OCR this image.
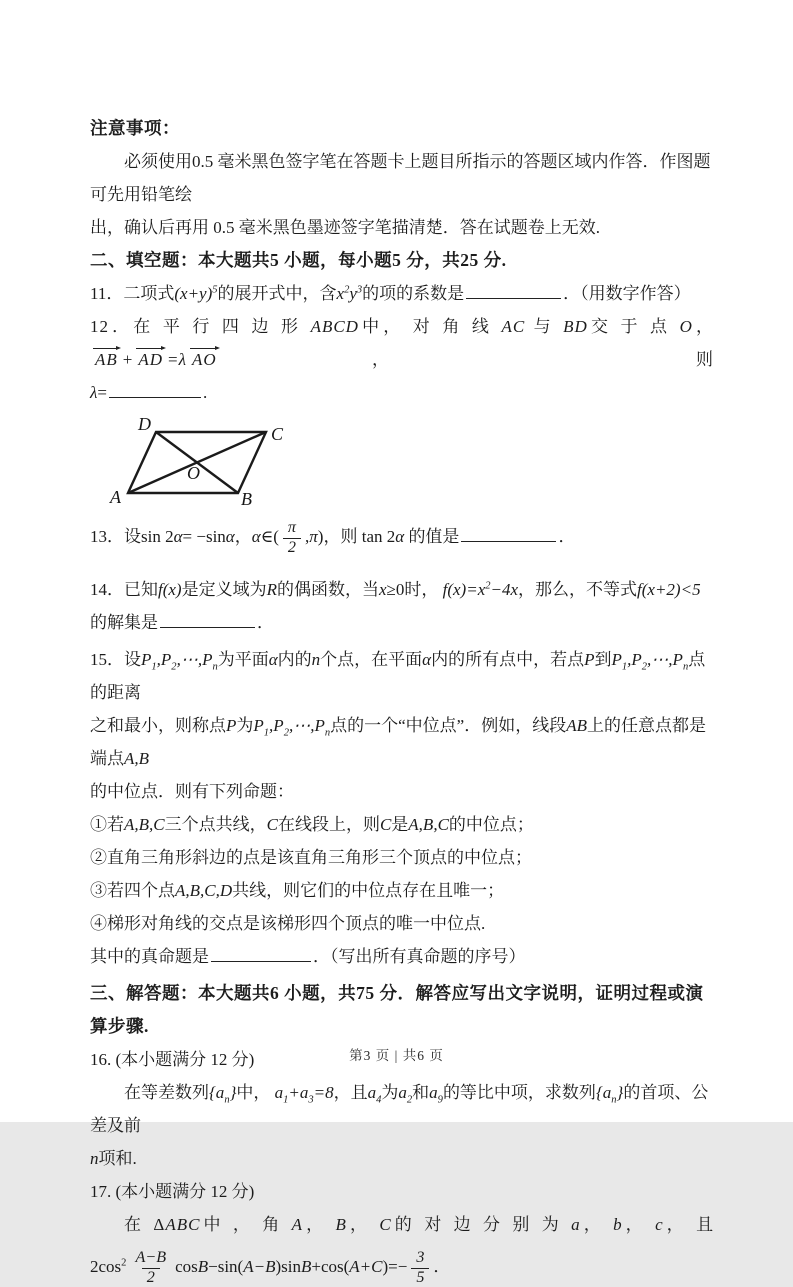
注意事项：
必须使用0.5 毫米黑色签字笔在答题卡上题目所指示的答题区域内作答．作图题可先用铅笔绘
出，确认后再用 0.5 毫米黑色墨迹签字笔描清楚．答在试题卷上无效.
二、填空题：本大题共5 小题，每小题5 分，共25 分.
11．二项式$(x+y)^5$的展开式中，含$x^2y^3$的项的系数是	．（用数字作答）
12．在 平 行 四 边 形 ABCD中， 对 角 线 AC 与 BD交 于 点 O， AB + AD =λ AO ， 则
λ=	.
A	B
C
D
O
13．设sin 2α= −sinα，α∈( $\frac{\pi}{2} ,\pi$)，则 tan 2α 的值是	．
14．已知f(x)是定义域为R的偶函数，当x≥0时， $f(x)=x^2-4x$，那么，不等式f(x+2)<5
的解集是	．
15．设$P_1,P_2,\cdots,P_n$为平面α内的n个点，在平面α内的所有点中，若点P到$P_1,P_2,\cdots,P_n$点的距离
之和最小，则称点P为$P_1,P_2,\cdots,P_n$点的一个“中位点”．例如，线段AB上的任意点都是端点A,B
的中位点．则有下列命题：
①若A,B,C三个点共线，C在线段上，则C是A,B,C的中位点；
②直角三角形斜边的点是该直角三角形三个顶点的中位点；
③若四个点A,B,C,D共线，则它们的中位点存在且唯一；
④梯形对角线的交点是该梯形四个顶点的唯一中位点.
其中的真命题是	．（写出所有真命题的序号）
三、解答题：本大题共6 小题，共75 分．解答应写出文字说明，证明过程或演算步骤.
16. (本小题满分 12 分)
在等差数列$\{a_n\}$中， $a_1+a_3=8$，且$a_4$为$a_2$和$a_9$的等比中项，求数列$\{a_n\}$的首项、公差及前
n项和.
17. (本小题满分 12 分)
在 ΔABC中 ， 角 A， B， C的 对 边 分 别 为 a， b， c， 且
$2\cos^2 \frac{A-B}{2} \cos B-\sin(A-B)\sin B+\cos(A+C)=- \frac{3}{5}$ ．
第3 页 | 共6 页
